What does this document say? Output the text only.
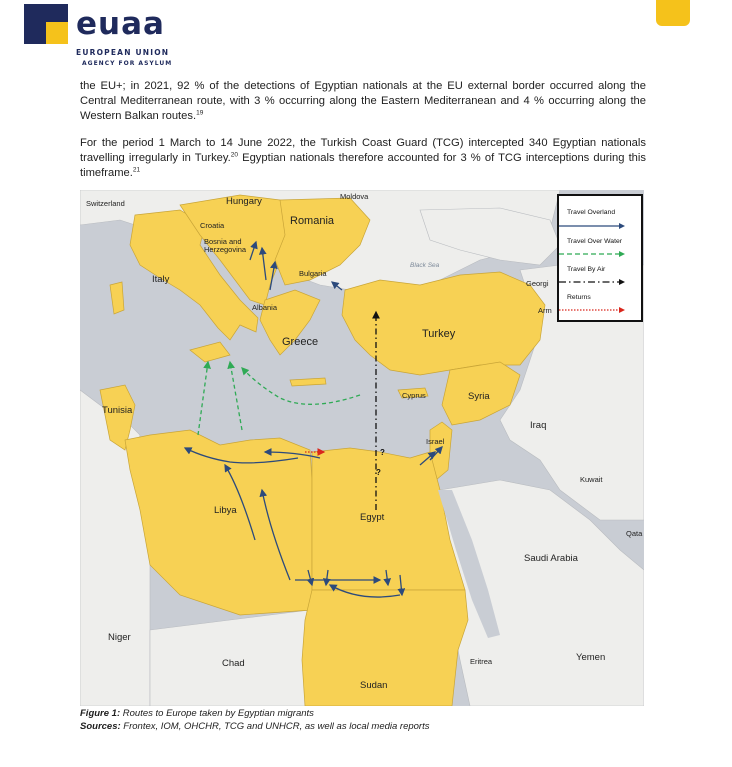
euaa
EUROPEAN UNION
AGENCY FOR ASYLUM

the EU+; in 2021, 92 % of the detections of Egyptian nationals at the EU external border occurred along the Central Mediterranean route, with 3 % occurring along the Eastern Mediterranean and 4 % occurring along the Western Balkan routes.$^{19}$

For the period 1 March to 14 June 2022, the Turkish Coast Guard (TCG) intercepted 340 Egyptian nationals travelling irregularly in Turkey.$^{20}$ Egyptian nationals therefore accounted for 3 % of TCG interceptions during this timeframe.$^{21}$

Switzerland	Hungary	Moldova
Croatia
Bosnia and Herzegovina
Romania
Italy
Bulgaria
Black Sea
Georgi
Arm
Albania
Turkey
Greece
Tunisia
Cyprus	Syria
Iraq
Israel
Kuwait
Libya
Egypt
Qata
Saudi Arabia
Niger
Yemen
Chad	Eritrea
Sudan
?
?
Travel Overland
Travel Over Water
Travel By Air
Returns

Figure 1: Routes to Europe taken by Egyptian migrants

Sources: Frontex, IOM, OHCHR, TCG and UNHCR, as well as local media reports
